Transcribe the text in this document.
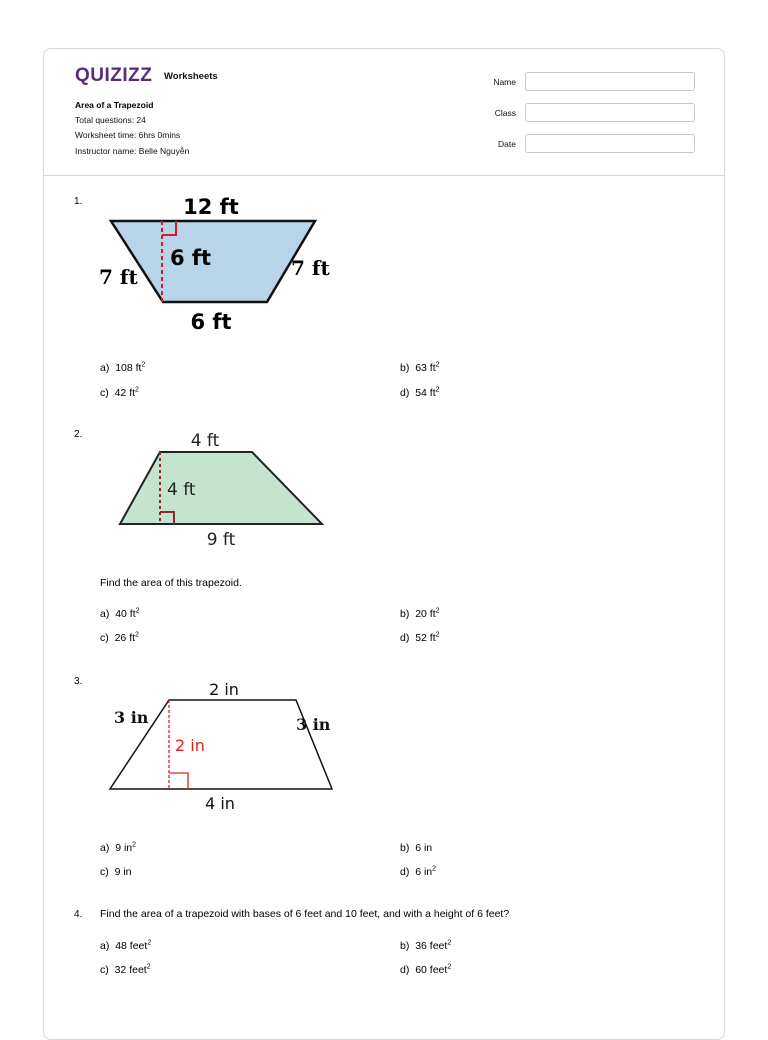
QUIZIZZ Worksheets
Area of a Trapezoid
Total questions: 24
Worksheet time: 6hrs 0mins
Instructor name: Belle Nguyễn
Name
Class
Date
1.	12 ft
6 ft
7 ft	7 ft
6 ft
a) 108 $ft^2$	b) 63 $ft^2$
c) 42 $ft^2$	d) 54 $ft^2$
2.	4 ft
4 ft
9 ft
Find the area of this trapezoid.
a) 40 $ft^2$	b) 20 $ft^2$
c) 26 $ft^2$	d) 52 $ft^2$
3.	2 in
3 in	3 in
2 in
4 in
a) 9 $in^2$	b) 6 in
c) 9 in	d) 6 $in^2$
4. Find the area of a trapezoid with bases of 6 feet and 10 feet, and with a height of 6 feet?
a) 48 feet$^2$	b) 36 feet$^2$
c) 32 feet$^2$	d) 60 feet$^2$
